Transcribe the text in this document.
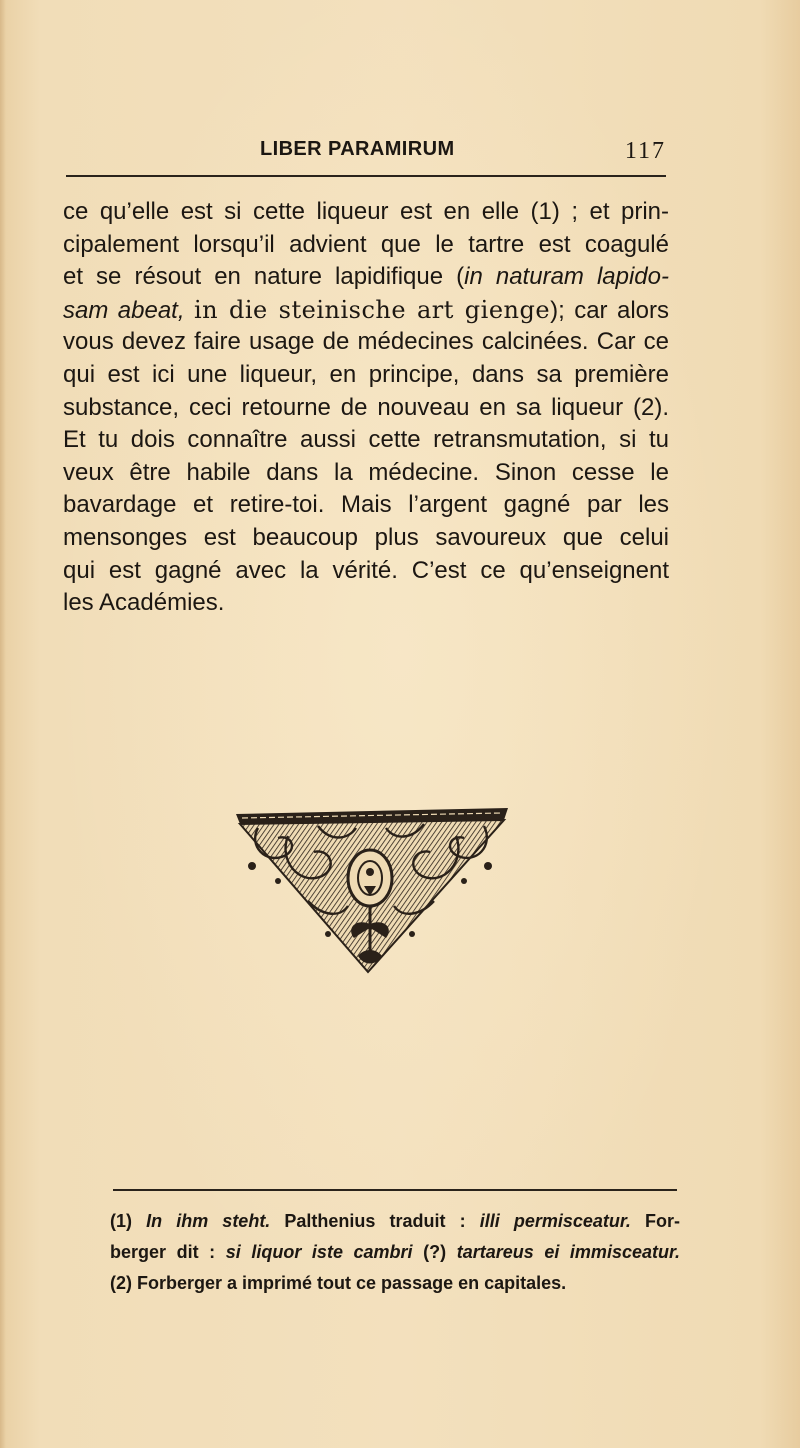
LIBER PARAMIRUM	117
ce qu’elle est si cette liqueur est en elle (1) ; et prin-
cipalement lorsqu’il advient que le tartre est coagulé
et se résout en nature lapidifique (in naturam lapido-
sam abeat, in die steinische art gienge); car alors
vous devez faire usage de médecines calcinées. Car ce
qui est ici une liqueur, en principe, dans sa première
substance, ceci retourne de nouveau en sa liqueur (2).
Et tu dois connaître aussi cette retransmutation, si tu
veux être habile dans la médecine. Sinon cesse le
bavardage et retire-toi. Mais l’argent gagné par les
mensonges est beaucoup plus savoureux que celui
qui est gagné avec la vérité. C’est ce qu’enseignent
les Académies.
(1) In ihm steht. Palthenius traduit : illi permisceatur. For-
berger dit : si liquor iste cambri (?) tartareus ei immisceatur.
(2) Forberger a imprimé tout ce passage en capitales.
